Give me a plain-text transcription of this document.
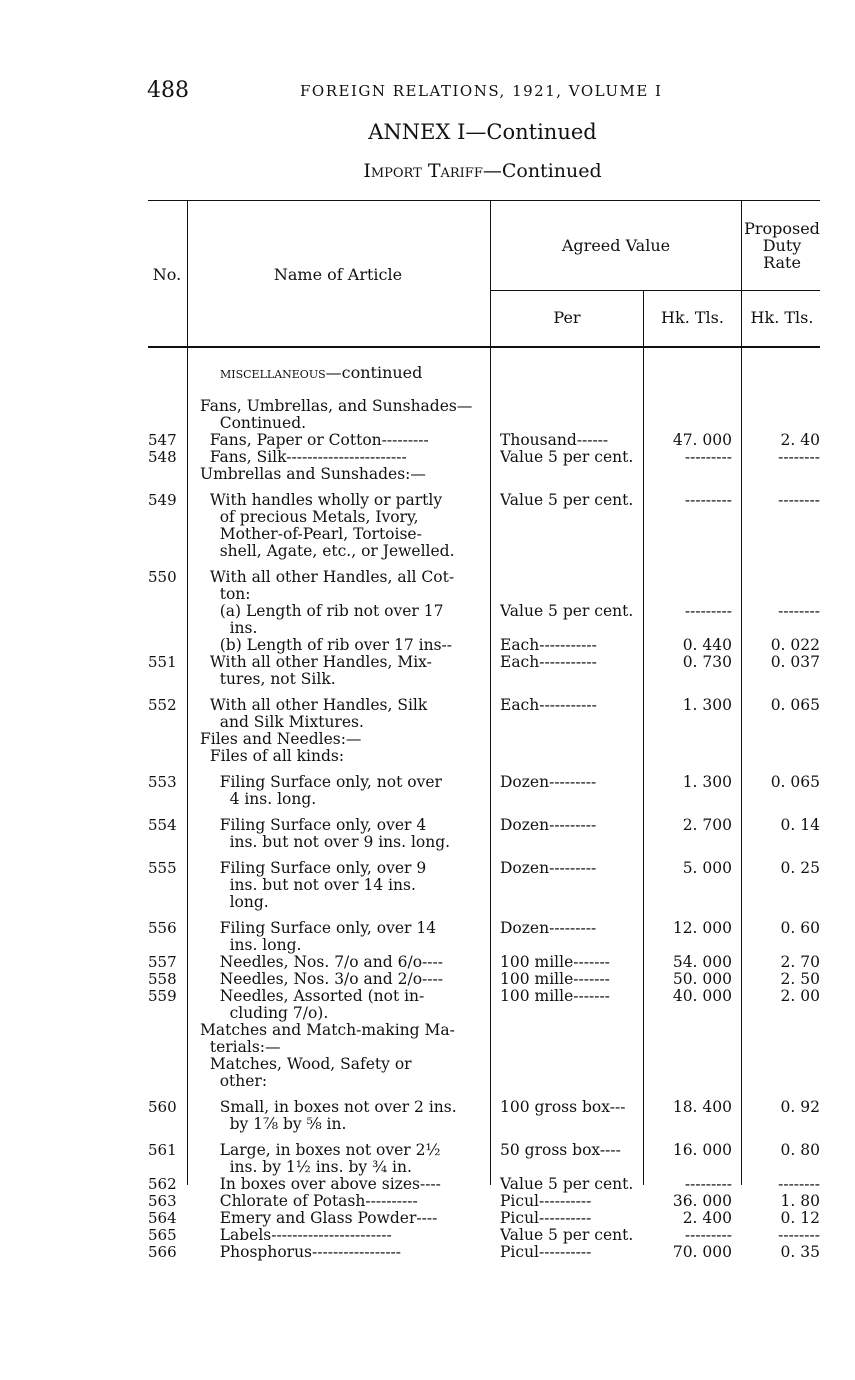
488	FOREIGN RELATIONS, 1921, VOLUME I
ANNEX I—Continued
Import Tariff—Continued
No.	Name of Article
Agreed Value
Per	Hk. Tls.
Proposed Duty Rate
Hk. Tls.
miscellaneous—continued
Fans, Umbrellas, and Sunshades—
Continued.
547	Fans, Paper or Cotton---------	Thousand------	47. 000	2. 40
548	Fans, Silk-----------------------	Value 5 per cent.	---------	--------
Umbrellas and Sunshades:—
549	With handles wholly or partly	Value 5 per cent.	---------	--------
of precious Metals, Ivory,
Mother-of-Pearl, Tortoise-
shell, Agate, etc., or Jewelled.
550	With all other Handles, all Cot-
ton:
(a) Length of rib not over 17	Value 5 per cent.	---------	--------
ins.
(b) Length of rib over 17 ins--	Each-----------	0. 440	0. 022
551	With all other Handles, Mix-	Each-----------	0. 730	0. 037
tures, not Silk.
552	With all other Handles, Silk	Each-----------	1. 300	0. 065
and Silk Mixtures.
Files and Needles:—
Files of all kinds:
553	Filing Surface only, not over	Dozen---------	1. 300	0. 065
4 ins. long.
554	Filing Surface only, over 4	Dozen---------	2. 700	0. 14
ins. but not over 9 ins. long.
555	Filing Surface only, over 9	Dozen---------	5. 000	0. 25
ins. but not over 14 ins.
long.
556	Filing Surface only, over 14	Dozen---------	12. 000	0. 60
ins. long.
557	Needles, Nos. 7/o and 6/o----	100 mille-------	54. 000	2. 70
558	Needles, Nos. 3/o and 2/o----	100 mille-------	50. 000	2. 50
559	Needles, Assorted (not in-	100 mille-------	40. 000	2. 00
cluding 7/o).
Matches and Match-making Ma-
terials:—
Matches, Wood, Safety or
other:
560	Small, in boxes not over 2 ins.	100 gross box---	18. 400	0. 92
by 1⅞ by ⅝ in.
561	Large, in boxes not over 2½	50 gross box----	16. 000	0. 80
ins. by 1½ ins. by ¾ in.
562	In boxes over above sizes----	Value 5 per cent.	---------	--------
563	Chlorate of Potash----------	Picul----------	36. 000	1. 80
564	Emery and Glass Powder----	Picul----------	2. 400	0. 12
565	Labels-----------------------	Value 5 per cent.	---------	--------
566	Phosphorus-----------------	Picul----------	70. 000	0. 35
